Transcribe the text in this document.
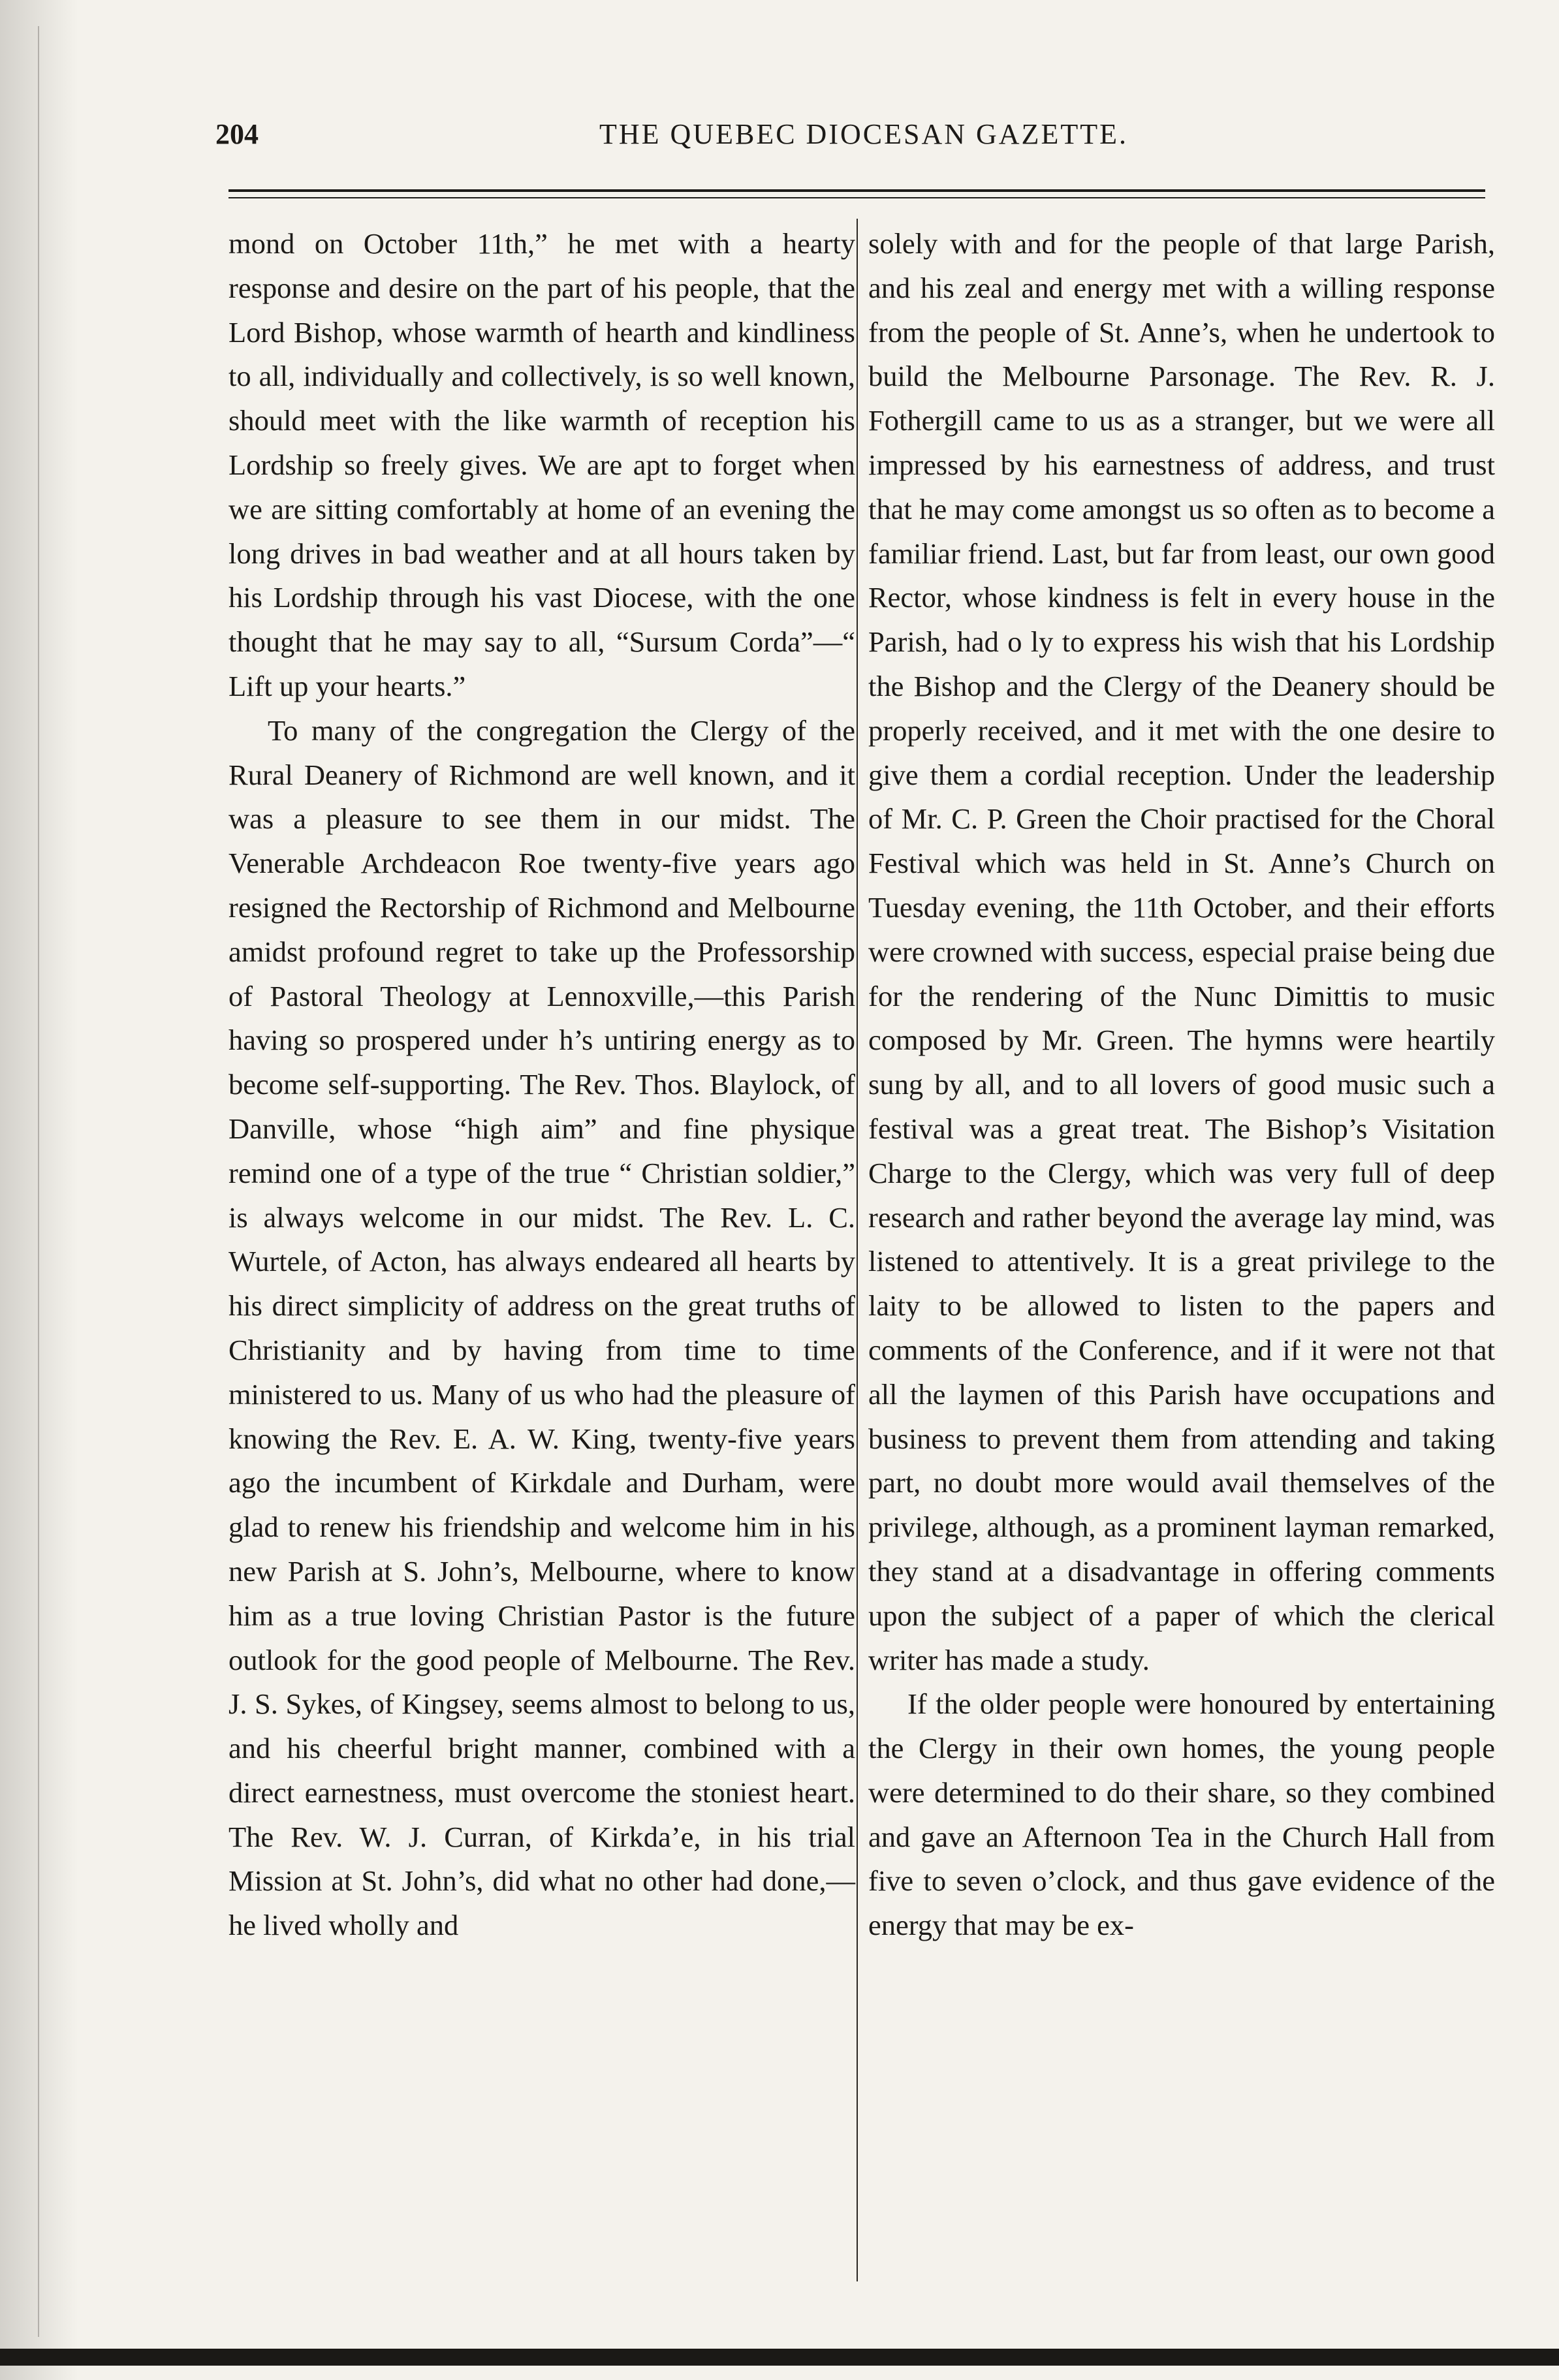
204	THE QUEBEC DIOCESAN GAZETTE.

mond on October 11th,” he met with a hearty response and desire on the part of his people, that the Lord Bishop, whose warmth of hearth and kindliness to all, individually and collectively, is so well known, should meet with the like warmth of reception his Lordship so freely gives. We are apt to forget when we are sitting comfortably at home of an evening the long drives in bad weather and at all hours taken by his Lordship through his vast Diocese, with the one thought that he may say to all, “Sursum Corda”—“ Lift up your hearts.”

To many of the congregation the Clergy of the Rural Deanery of Richmond are well known, and it was a pleasure to see them in our midst. The Venerable Archdeacon Roe twenty-five years ago resigned the Rectorship of Richmond and Melbourne amidst profound regret to take up the Professorship of Pastoral Theology at Lennoxville,—this Parish having so prospered under h’s untiring energy as to become self-supporting. The Rev. Thos. Blaylock, of Danville, whose “high aim” and fine physique remind one of a type of the true “ Christian soldier,” is always welcome in our midst. The Rev. L. C. Wurtele, of Acton, has always endeared all hearts by his direct simplicity of address on the great truths of Christianity and by having from time to time ministered to us. Many of us who had the pleasure of knowing the Rev. E. A. W. King, twenty-five years ago the incumbent of Kirkdale and Durham, were glad to renew his friendship and welcome him in his new Parish at S. John’s, Melbourne, where to know him as a true loving Christian Pastor is the future outlook for the good people of Melbourne. The Rev. J. S. Sykes, of Kingsey, seems almost to belong to us, and his cheerful bright manner, combined with a direct earnestness, must overcome the stoniest heart. The Rev. W. J. Curran, of Kirkda’e, in his trial Mission at St. John’s, did what no other had done,—he lived wholly and

solely with and for the people of that large Parish, and his zeal and energy met with a willing response from the people of St. Anne’s, when he undertook to build the Melbourne Parsonage. The Rev. R. J. Fothergill came to us as a stranger, but we were all impressed by his earnestness of address, and trust that he may come amongst us so often as to become a familiar friend. Last, but far from least, our own good Rector, whose kindness is felt in every house in the Parish, had o ly to express his wish that his Lordship the Bishop and the Clergy of the Deanery should be properly received, and it met with the one desire to give them a cordial reception. Under the leadership of Mr. C. P. Green the Choir practised for the Choral Festival which was held in St. Anne’s Church on Tuesday evening, the 11th October, and their efforts were crowned with success, especial praise being due for the rendering of the Nunc Dimittis to music composed by Mr. Green. The hymns were heartily sung by all, and to all lovers of good music such a festival was a great treat. The Bishop’s Visitation Charge to the Clergy, which was very full of deep research and rather beyond the average lay mind, was listened to attentively. It is a great privilege to the laity to be allowed to listen to the papers and comments of the Conference, and if it were not that all the laymen of this Parish have occupations and business to prevent them from attending and taking part, no doubt more would avail themselves of the privilege, although, as a prominent layman remarked, they stand at a disadvantage in offering comments upon the subject of a paper of which the clerical writer has made a study.

If the older people were honoured by entertaining the Clergy in their own homes, the young people were determined to do their share, so they combined and gave an Afternoon Tea in the Church Hall from five to seven o’clock, and thus gave evidence of the energy that may be ex-
